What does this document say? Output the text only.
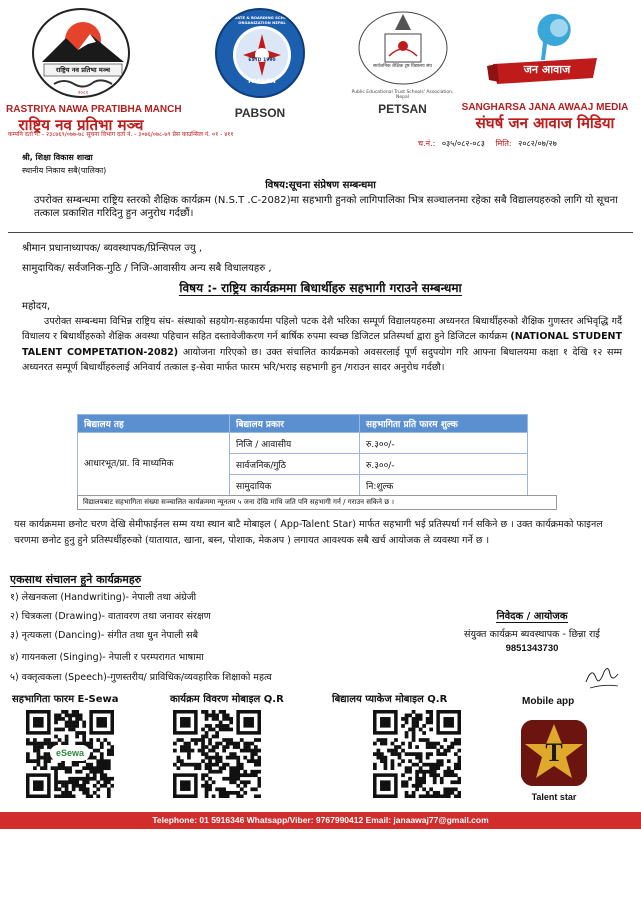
राष्ट्रिय नव प्रतिभा मञ्च
२०८१
RASTRIYA NAWA PRATIBHA MANCH
राष्ट्रिय नव प्रतिभा मञ्च
PABSON
ESTD 1990
PRIVATE & BOARDING SCHOOLS' ORGANIZATION NEPAL
PABSON
सार्वजनिक शैक्षिक ट्रष्ट विद्यालय संघ
Public Educational Trust Schools' Association, Nepal
PETSAN
जन आवाज
SANGHARSA JANA AWAAJ MEDIA
संघर्ष जन आवाज मिडिया
कम्पनि दर्ता नं. - २३८७६९/०७७-७८ सूचना विभाग दर्ता नं. - ३०७६/०७८-७९ प्रेस काउन्सिल नं. ०१ - ४११
च.नं.: ०३५/०८२-०८३ मिति: २०८२/०७/२७
श्री, शिक्षा विकास शाखा
स्थानीय निकाय सबै(पालिका)
विषय:सूचना संप्रेषण सम्बन्धमा
उपरोक्त सम्बन्धमा राष्ट्रिय स्तरको शैक्षिक कार्यक्रम (N.S.T .C-2082)मा सहभागी हुनको लागिपालिका भित्र सञ्चालनमा रहेका सबै विद्यालयहरुको लागि यो सूचना तत्काल प्रकाशित गरिदिनु हुन अनुरोध गर्दछौं।
श्रीमान प्रधानाध्यापक/ ब्यवस्थापक/प्रिन्सिपल ज्यु ,
सामुदायिक/ सर्वजनिक-गुठि / निजि-आवासीय अन्य सबै विधालयहरु ,
विषय :- राष्ट्रिय कार्यक्रममा बिधार्थीहरु सहभागी गराउने सम्बन्धमा
महोदय,
उपरोक्त सम्बन्धमा विभिन्न राष्ट्रिय संघ- संस्थाको सहयोग-सहकार्यमा पहिलो पटक देशै भरिका सम्पूर्ण विद्यालयहरुमा अध्यनरत बिधार्थीहरुको शैक्षिक गुणस्तर अभिवृद्धि गर्दै विधालय र बिधार्थीहरुको शैक्षिक अवस्था पहिचान सहित दस्तावेजीकरण गर्न बार्षिक रुपमा स्वच्छ डिजिटल प्रतिस्पर्धा द्वारा हुने डिजिटल कार्यक्रम (NATIONAL STUDENT TALENT COMPETATION-2082) आयोजना गरिएको छ। उक्त संचालित कार्यक्रमको अवसरलाई पूर्ण सदुपयोग गरि आफ्ना बिधालयमा कक्षा १ देखि १२ सम्म अध्यनरत सम्पूर्ण बिधार्थीहरुलाई अनिवार्य तत्काल इ-सेवा मार्फत फारम भरि/भराइ सहभागी हुन /गराउन सादर अनुरोध गर्दछौ।
बिद्यालय तह	बिद्यालय प्रकार	सहभागिता प्रति फारम शुल्क
आधारभूत/प्रा. वि माध्यमिक	निजि / आवासीय	रु.३००/-
	सार्वजनिक/गुठि	रु.३००/-
	सामुदायिक	नि:शुल्क
विद्यालयबाट सहभागिता संख्या सञ्चालित कार्यक्रममा न्यूनतम ५ जना देखि माथि जति पनि सहभागी गर्न / गराउन सकिने छ ।
यस कार्यक्रममा छनोट चरण देखि सेमीफाईनल सम्म यथा स्थान बाटै मोबाइल ( App-Talent Star) मार्फत सहभागी भई प्रतिस्पर्धा गर्न सकिने छ । उक्त कार्यक्रमको फाइनल चरणमा छनोट हुनु हुने प्रतिस्पर्धीहरुको (यातायात, खाना, बस्न, पोशाक, मेकअप ) लगायत आवश्यक सबै खर्च आयोजक ले व्यवस्था गर्ने छ ।
एकसाथ संचालन हुने कार्यक्रमहरु
१) लेखनकला (Handwriting)- नेपाली तथा अंग्रेजी
२) चित्रकला (Drawing)- वातावरण तथा जनावर संरक्षण
३) नृत्यकला (Dancing)- संगीत तथा धुन नेपाली सबै
४) गायनकला (Singing)- नेपाली र परम्परागत भाषामा
५) वक्तृत्वकला (Speech)-गुणस्तरीय/ प्राविधिक/व्यवहारिक शिक्षाको महत्व
निवेदक / आयोजक
संयुक्त कार्यक्रम ब्यवस्थापक - छिन्ना राई
9851343730
सहभागिता फारम E-Sewa	कार्यक्रम विवरण मोबाइल Q.R	बिद्यालय प्याकेज मोबाइल Q.R
eSewa
Mobile app
T
Talent star
Telephone: 01 5916346 Whatsapp/Viber: 9767990412 Email: janaawaj77@gmail.com
